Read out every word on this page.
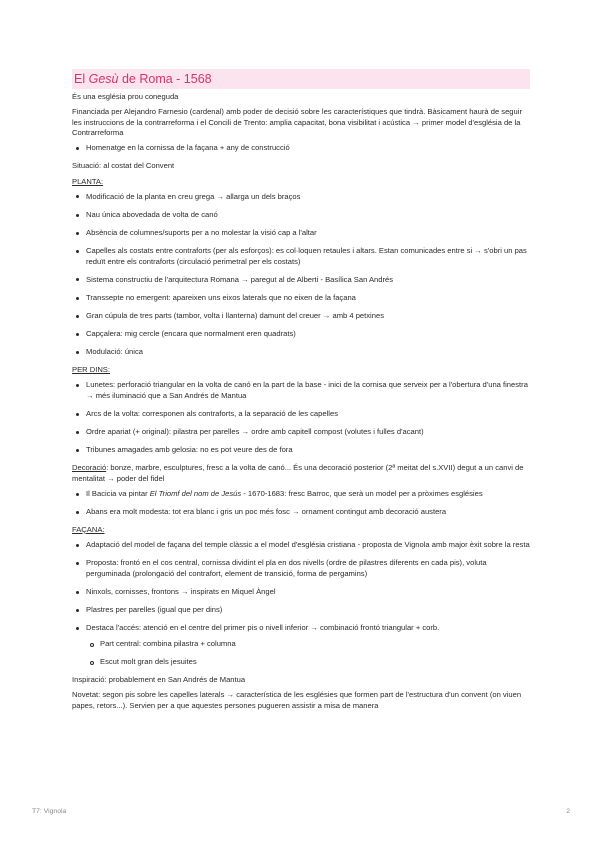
El Gesù de Roma - 1568

És una església prou coneguda

Financiada per Alejandro Farnesio (cardenal) amb poder de decisió sobre les característiques que tindrà. Bàsicament haurà de seguir les instruccions de la contrarreforma i el Concili de Trento: amplia capacitat, bona visibilitat i acústica → primer model d'església de la Contrarreforma

Homenatge en la cornissa de la façana + any de construcció

Situació: al costat del Convent

PLANTA:

Modificació de la planta en creu grega → allarga un dels braços
Nau única abovedada de volta de canó
Absència de columnes/suports per a no molestar la visió cap a l'altar
Capelles als costats entre contraforts (per als esforços): es col·loquen retaules i altars. Estan comunicades entre si → s'obri un pas reduït entre els contraforts (circulació perimetral per els costats)
Sistema constructiu de l'arquitectura Romana → paregut al de Alberti - Basílica San Andrés
Transsepte no emergent: apareixen uns eixos laterals que no eixen de la façana
Gran cúpula de tres parts (tambor, volta i llanterna) damunt del creuer → amb 4 petxines
Capçalera: mig cercle (encara que normalment eren quadrats)
Modulació: única

PER DINS:

Lunetes: perforació triangular en la volta de canó en la part de la base - inici de la cornisa que serveix per a l'obertura d'una finestra → més iluminació que a San Andrés de Mantua
Arcs de la volta: corresponen als contraforts, a la separació de les capelles
Ordre apariat (+ original): pilastra per parelles → ordre amb capitell compost (volutes i fulles d'acant)
Tribunes amagades amb gelosia: no es pot veure des de fora

Decoració: bonze, marbre, esculptures, fresc a la volta de canó... És una decoració posterior (2ª meitat del s.XVII) degut a un canvi de mentalitat → poder del fidel

Il Bacicia va pintar El Triomf del nom de Jesús - 1670-1683: fresc Barroc, que serà un model per a pròximes esglésies
Abans era molt modesta: tot era blanc i gris un poc més fosc → ornament contingut amb decoració austera

FAÇANA:

Adaptació del model de façana del temple clàssic a el model d'església cristiana - proposta de Vignola amb major èxit sobre la resta
Proposta: frontó en el cos central, cornissa dividint el pla en dos nivells (ordre de pilastres diferents en cada pis), voluta perguminada (prolongació del contrafort, element de transició, forma de pergamins)
Ninxols, cornisses, frontons → inspirats en Miquel Àngel
Plastres per parelles (igual que per dins)
Destaca l'accés: atenció en el centre del primer pis o nivell inferior → combinació frontó triangular + corb.
Part central: combina pilastra + columna
Escut molt gran dels jesuites

Inspiració: probablement en San Andrés de Mantua

Novetat: segon pis sobre les capelles laterals → característica de les esglésies que formen part de l'estructura d'un convent (on viuen papes, retors...). Servien per a que aquestes persones pugueren assistir a misa de manera

T7: Vignola	2
